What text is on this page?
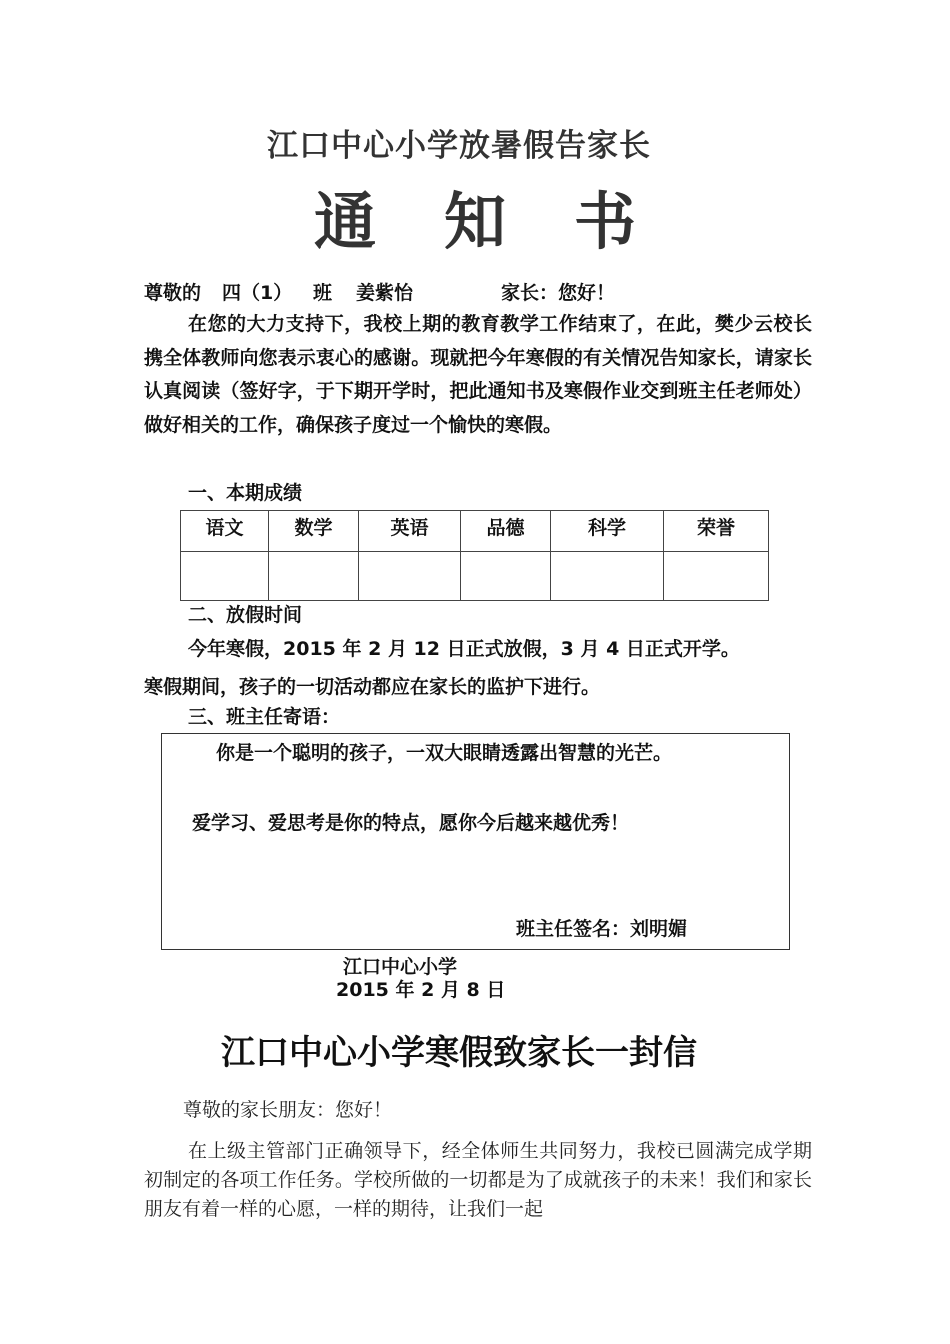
江口中心小学放暑假告家长
通 知 书
尊敬的 四（1） 班 姜紫怡	家长：您好！
在您的大力支持下，我校上期的教育教学工作结束了，在此，樊少云校长携全体教师向您表示衷心的感谢。现就把今年寒假的有关情况告知家长，请家长认真阅读（签好字，于下期开学时，把此通知书及寒假作业交到班主任老师处）做好相关的工作，确保孩子度过一个愉快的寒假。
一、本期成绩
语文	数学	英语	品德	科学	荣誉

二、放假时间
今年寒假，2015 年 2 月 12 日正式放假，3 月 4 日正式开学。
寒假期间，孩子的一切活动都应在家长的监护下进行。
三、班主任寄语：
你是一个聪明的孩子，一双大眼睛透露出智慧的光芒。
爱学习、爱思考是你的特点，愿你今后越来越优秀！
班主任签名：刘明媚
江口中心小学
2015 年 2 月 8 日
江口中心小学寒假致家长一封信
尊敬的家长朋友：您好！
在上级主管部门正确领导下，经全体师生共同努力，我校已圆满完成学期初制定的各项工作任务。学校所做的一切都是为了成就孩子的未来！我们和家长朋友有着一样的心愿，一样的期待，让我们一起
